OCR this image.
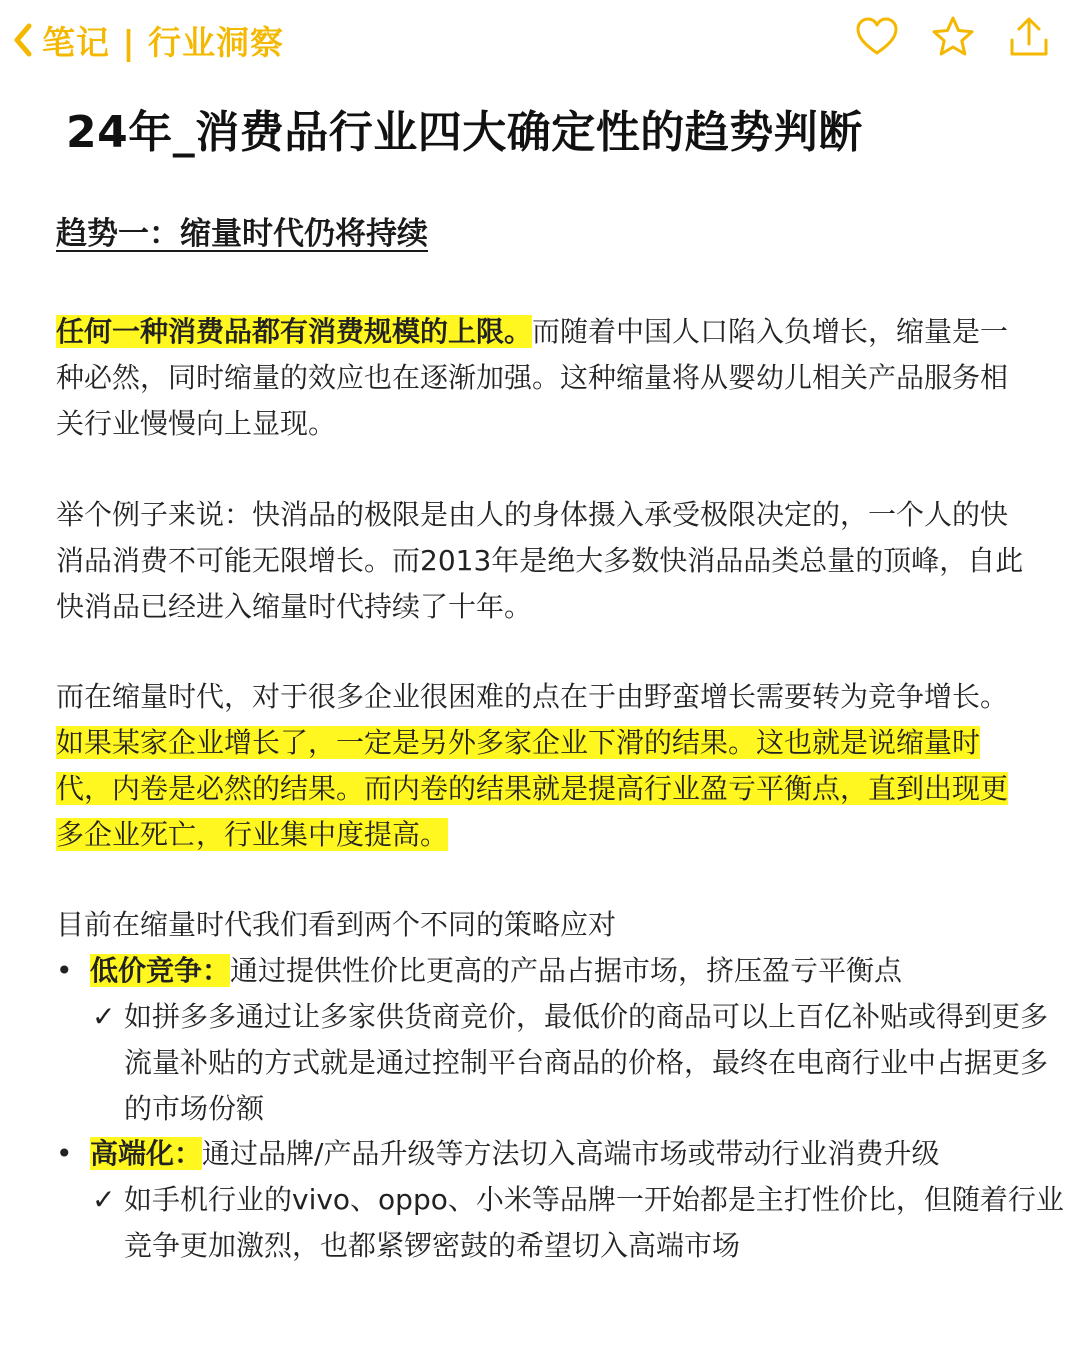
笔记 | 行业洞察
24年_消费品行业四大确定性的趋势判断
趋势一：缩量时代仍将持续
任何一种消费品都有消费规模的上限。而随着中国人口陷入负增长，缩量是一种必然，同时缩量的效应也在逐渐加强。这种缩量将从婴幼儿相关产品服务相关行业慢慢向上显现。
举个例子来说：快消品的极限是由人的身体摄入承受极限决定的，一个人的快消品消费不可能无限增长。而2013年是绝大多数快消品品类总量的顶峰，自此快消品已经进入缩量时代持续了十年。
而在缩量时代，对于很多企业很困难的点在于由野蛮增长需要转为竞争增长。如果某家企业增长了，一定是另外多家企业下滑的结果。这也就是说缩量时代，内卷是必然的结果。而内卷的结果就是提高行业盈亏平衡点，直到出现更多企业死亡，行业集中度提高。
目前在缩量时代我们看到两个不同的策略应对
• 低价竞争：通过提供性价比更高的产品占据市场，挤压盈亏平衡点
✓ 如拼多多通过让多家供货商竞价，最低价的商品可以上百亿补贴或得到更多流量补贴的方式就是通过控制平台商品的价格，最终在电商行业中占据更多的市场份额
• 高端化：通过品牌/产品升级等方法切入高端市场或带动行业消费升级
✓ 如手机行业的vivo、oppo、小米等品牌一开始都是主打性价比，但随着行业竞争更加激烈，也都紧锣密鼓的希望切入高端市场
